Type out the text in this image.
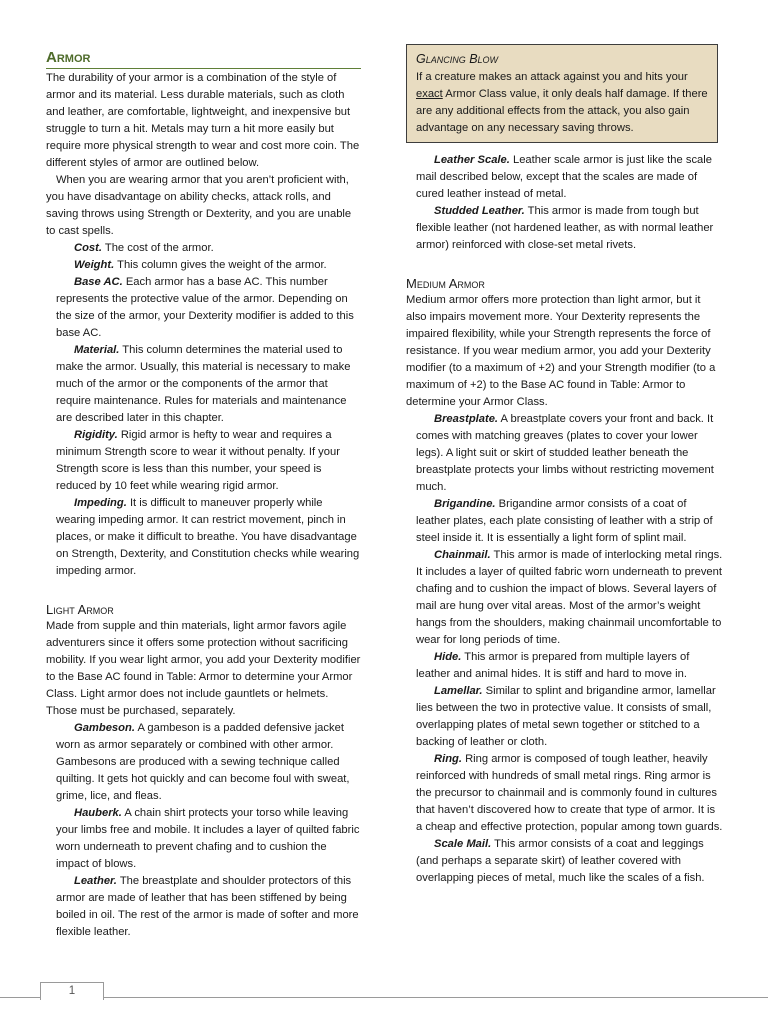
Armor

The durability of your armor is a combination of the style of armor and its material. Less durable materials, such as cloth and leather, are comfortable, lightweight, and inexpensive but struggle to turn a hit. Metals may turn a hit more easily but require more physical strength to wear and cost more coin. The different styles of armor are outlined below.

When you are wearing armor that you aren’t proficient with, you have disadvantage on ability checks, attack rolls, and saving throws using Strength or Dexterity, and you are unable to cast spells.

Cost. The cost of the armor.

Weight. This column gives the weight of the armor.

Base AC. Each armor has a base AC. This number represents the protective value of the armor. Depending on the size of the armor, your Dexterity modifier is added to this base AC.

Material. This column determines the material used to make the armor. Usually, this material is necessary to make much of the armor or the components of the armor that require maintenance. Rules for materials and maintenance are described later in this chapter.

Rigidity. Rigid armor is hefty to wear and requires a minimum Strength score to wear it without penalty. If your Strength score is less than this number, your speed is reduced by 10 feet while wearing rigid armor.

Impeding. It is difficult to maneuver properly while wearing impeding armor. It can restrict movement, pinch in places, or make it difficult to breathe. You have disadvantage on Strength, Dexterity, and Constitution checks while wearing impeding armor.

Light Armor

Made from supple and thin materials, light armor favors agile adventurers since it offers some protection without sacrificing mobility. If you wear light armor, you add your Dexterity modifier to the Base AC found in Table: Armor to determine your Armor Class. Light armor does not include gauntlets or helmets. Those must be purchased, separately.

Gambeson. A gambeson is a padded defensive jacket worn as armor separately or combined with other armor. Gambesons are produced with a sewing technique called quilting. It gets hot quickly and can become foul with sweat, grime, lice, and fleas.

Hauberk. A chain shirt protects your torso while leaving your limbs free and mobile. It includes a layer of quilted fabric worn underneath to prevent chafing and to cushion the impact of blows.

Leather. The breastplate and shoulder protectors of this armor are made of leather that has been stiffened by being boiled in oil. The rest of the armor is made of softer and more flexible leather.

Glancing Blow

If a creature makes an attack against you and hits your exact Armor Class value, it only deals half damage. If there are any additional effects from the attack, you also gain advantage on any necessary saving throws.

Leather Scale. Leather scale armor is just like the scale mail described below, except that the scales are made of cured leather instead of metal.

Studded Leather. This armor is made from tough but flexible leather (not hardened leather, as with normal leather armor) reinforced with close-set metal rivets.

Medium Armor

Medium armor offers more protection than light armor, but it also impairs movement more. Your Dexterity represents the impaired flexibility, while your Strength represents the force of resistance. If you wear medium armor, you add your Dexterity modifier (to a maximum of +2) and your Strength modifier (to a maximum of +2) to the Base AC found in Table: Armor to determine your Armor Class.

Breastplate. A breastplate covers your front and back. It comes with matching greaves (plates to cover your lower legs). A light suit or skirt of studded leather beneath the breastplate protects your limbs without restricting movement much.

Brigandine. Brigandine armor consists of a coat of leather plates, each plate consisting of leather with a strip of steel inside it. It is essentially a light form of splint mail.

Chainmail. This armor is made of interlocking metal rings. It includes a layer of quilted fabric worn underneath to prevent chafing and to cushion the impact of blows. Several layers of mail are hung over vital areas. Most of the armor’s weight hangs from the shoulders, making chainmail uncomfortable to wear for long periods of time.

Hide. This armor is prepared from multiple layers of leather and animal hides. It is stiff and hard to move in.

Lamellar. Similar to splint and brigandine armor, lamellar lies between the two in protective value. It consists of small, overlapping plates of metal sewn together or stitched to a backing of leather or cloth.

Ring. Ring armor is composed of tough leather, heavily reinforced with hundreds of small metal rings. Ring armor is the precursor to chainmail and is commonly found in cultures that haven’t discovered how to create that type of armor. It is a cheap and effective protection, popular among town guards.

Scale Mail. This armor consists of a coat and leggings (and perhaps a separate skirt) of leather covered with overlapping pieces of metal, much like the scales of a fish.

1
